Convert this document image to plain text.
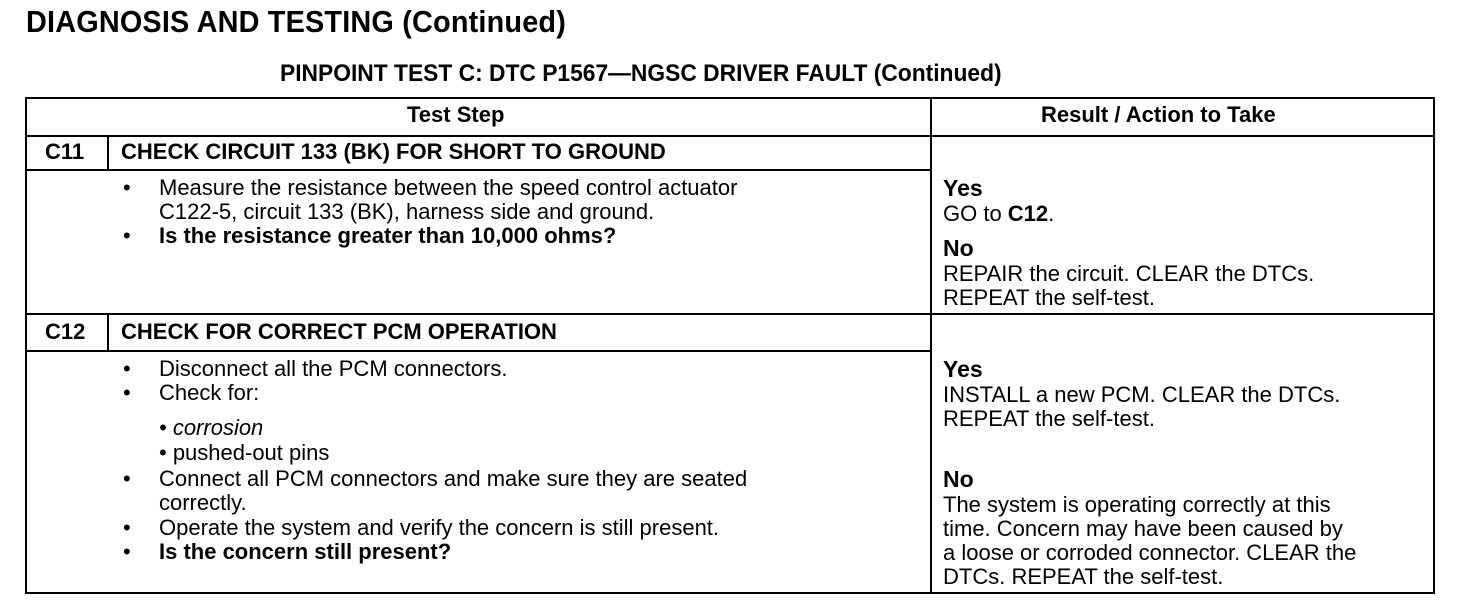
DIAGNOSIS AND TESTING (Continued)
PINPOINT TEST C: DTC P1567—NGSC DRIVER FAULT (Continued)
Test Step	Result / Action to Take
C11 CHECK CIRCUIT 133 (BK) FOR SHORT TO GROUND
• Measure the resistance between the speed control actuator
C122-5, circuit 133 (BK), harness side and ground.
• Is the resistance greater than 10,000 ohms?
Yes
GO to C12.
No
REPAIR the circuit. CLEAR the DTCs.
REPEAT the self-test.
C12 CHECK FOR CORRECT PCM OPERATION
• Disconnect all the PCM connectors.
• Check for:
• corrosion
• pushed-out pins
• Connect all PCM connectors and make sure they are seated
correctly.
• Operate the system and verify the concern is still present.
• Is the concern still present?
Yes
INSTALL a new PCM. CLEAR the DTCs.
REPEAT the self-test.
No
The system is operating correctly at this
time. Concern may have been caused by
a loose or corroded connector. CLEAR the
DTCs. REPEAT the self-test.
